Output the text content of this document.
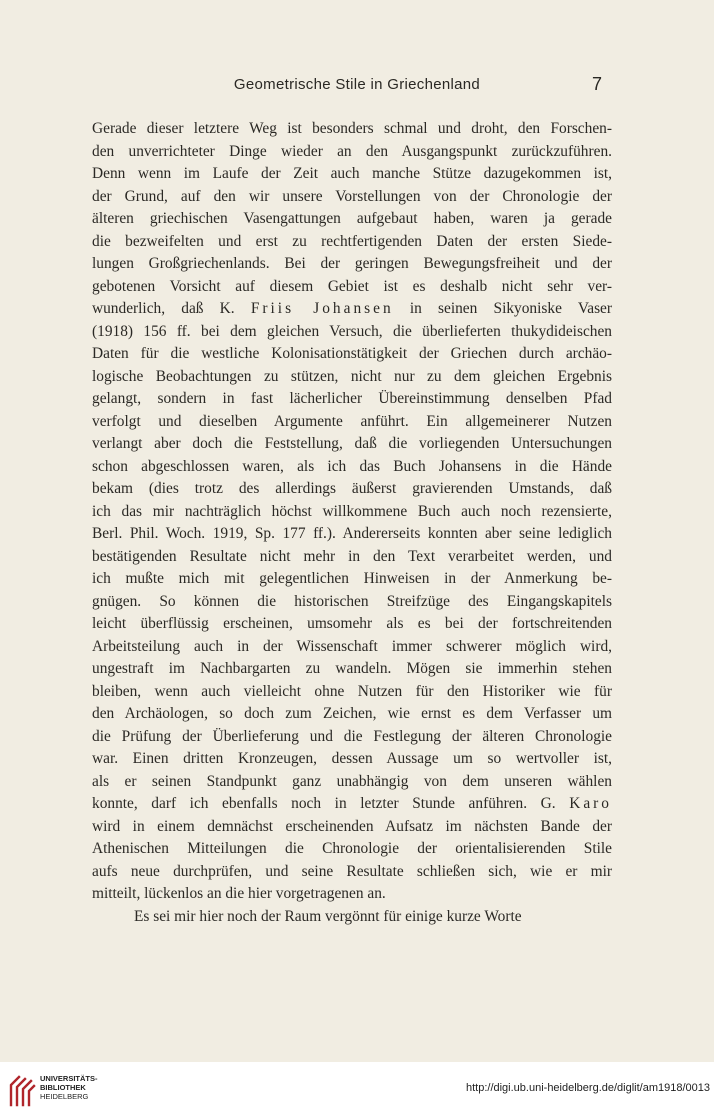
Geometrische Stile in Griechenland	7
Gerade dieser letztere Weg ist besonders schmal und droht, den Forschen-
den unverrichteter Dinge wieder an den Ausgangspunkt zurückzuführen.
Denn wenn im Laufe der Zeit auch manche Stütze dazugekommen ist,
der Grund, auf den wir unsere Vorstellungen von der Chronologie der
älteren griechischen Vasengattungen aufgebaut haben, waren ja gerade
die bezweifelten und erst zu rechtfertigenden Daten der ersten Siede-
lungen Großgriechenlands. Bei der geringen Bewegungsfreiheit und der
gebotenen Vorsicht auf diesem Gebiet ist es deshalb nicht sehr ver-
wunderlich, daß K. Friis Johansen in seinen Sikyoniske Vaser
(1918) 156 ff. bei dem gleichen Versuch, die überlieferten thukydideischen
Daten für die westliche Kolonisationstätigkeit der Griechen durch archäo-
logische Beobachtungen zu stützen, nicht nur zu dem gleichen Ergebnis
gelangt, sondern in fast lächerlicher Übereinstimmung denselben Pfad
verfolgt und dieselben Argumente anführt. Ein allgemeinerer Nutzen
verlangt aber doch die Feststellung, daß die vorliegenden Untersuchungen
schon abgeschlossen waren, als ich das Buch Johansens in die Hände
bekam (dies trotz des allerdings äußerst gravierenden Umstands, daß
ich das mir nachträglich höchst willkommene Buch auch noch rezensierte,
Berl. Phil. Woch. 1919, Sp. 177 ff.). Andererseits konnten aber seine lediglich
bestätigenden Resultate nicht mehr in den Text verarbeitet werden, und
ich mußte mich mit gelegentlichen Hinweisen in der Anmerkung be-
gnügen. So können die historischen Streifzüge des Eingangskapitels
leicht überflüssig erscheinen, umsomehr als es bei der fortschreitenden
Arbeitsteilung auch in der Wissenschaft immer schwerer möglich wird,
ungestraft im Nachbargarten zu wandeln. Mögen sie immerhin stehen
bleiben, wenn auch vielleicht ohne Nutzen für den Historiker wie für
den Archäologen, so doch zum Zeichen, wie ernst es dem Verfasser um
die Prüfung der Überlieferung und die Festlegung der älteren Chronologie
war. Einen dritten Kronzeugen, dessen Aussage um so wertvoller ist,
als er seinen Standpunkt ganz unabhängig von dem unseren wählen
konnte, darf ich ebenfalls noch in letzter Stunde anführen. G. Karo
wird in einem demnächst erscheinenden Aufsatz im nächsten Bande der
Athenischen Mitteilungen die Chronologie der orientalisierenden Stile
aufs neue durchprüfen, und seine Resultate schließen sich, wie er mir
mitteilt, lückenlos an die hier vorgetragenen an.
Es sei mir hier noch der Raum vergönnt für einige kurze Worte
UNIVERSITÄTS-
BIBLIOTHEK
HEIDELBERG
http://digi.ub.uni-heidelberg.de/diglit/am1918/0013
